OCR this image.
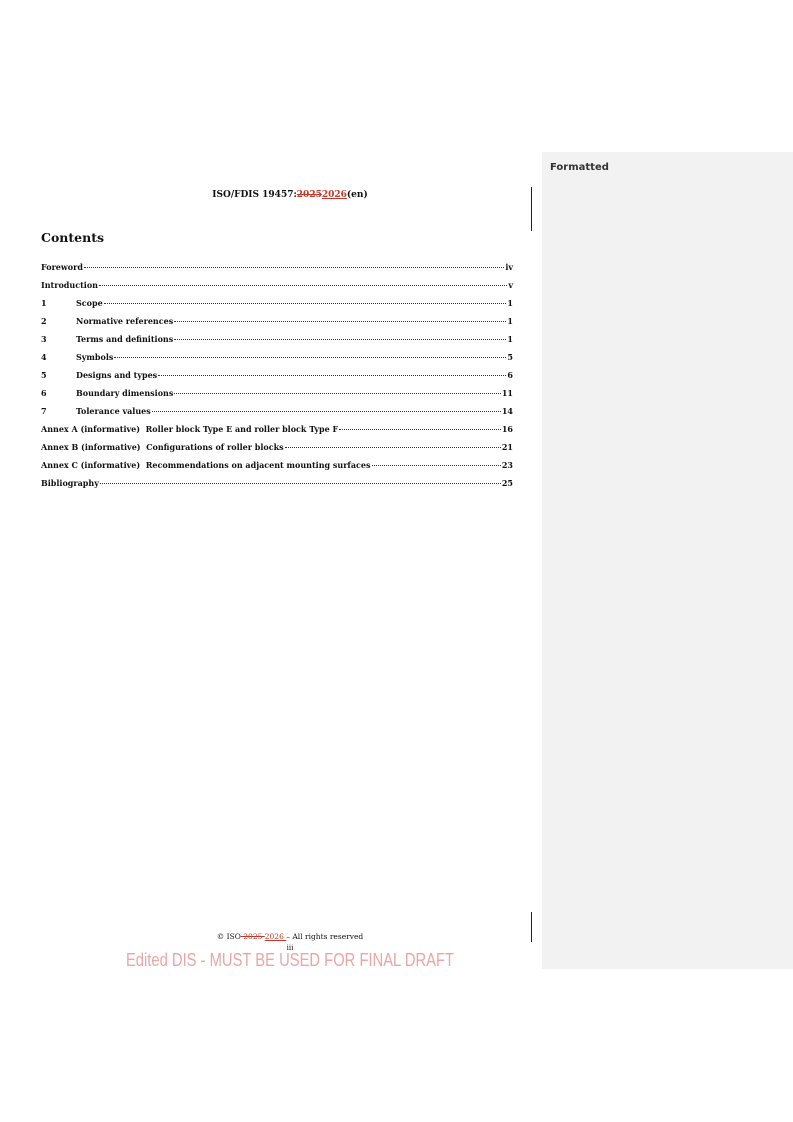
Formatted
ISO/FDIS 19457:20252026(en)
Contents
Foreword	iv
Introduction	v
1	Scope	1
2	Normative references	1
3	Terms and definitions	1
4	Symbols	5
5	Designs and types	6
6	Boundary dimensions	11
7	Tolerance values	14
Annex A (informative)  Roller block Type E and roller block Type F	16
Annex B (informative)  Configurations of roller blocks	21
Annex C (informative)  Recommendations on adjacent mounting surfaces	23
Bibliography	25
© ISO 2025 2026 – All rights reserved
iii
Edited DIS - MUST BE USED FOR FINAL DRAFT
